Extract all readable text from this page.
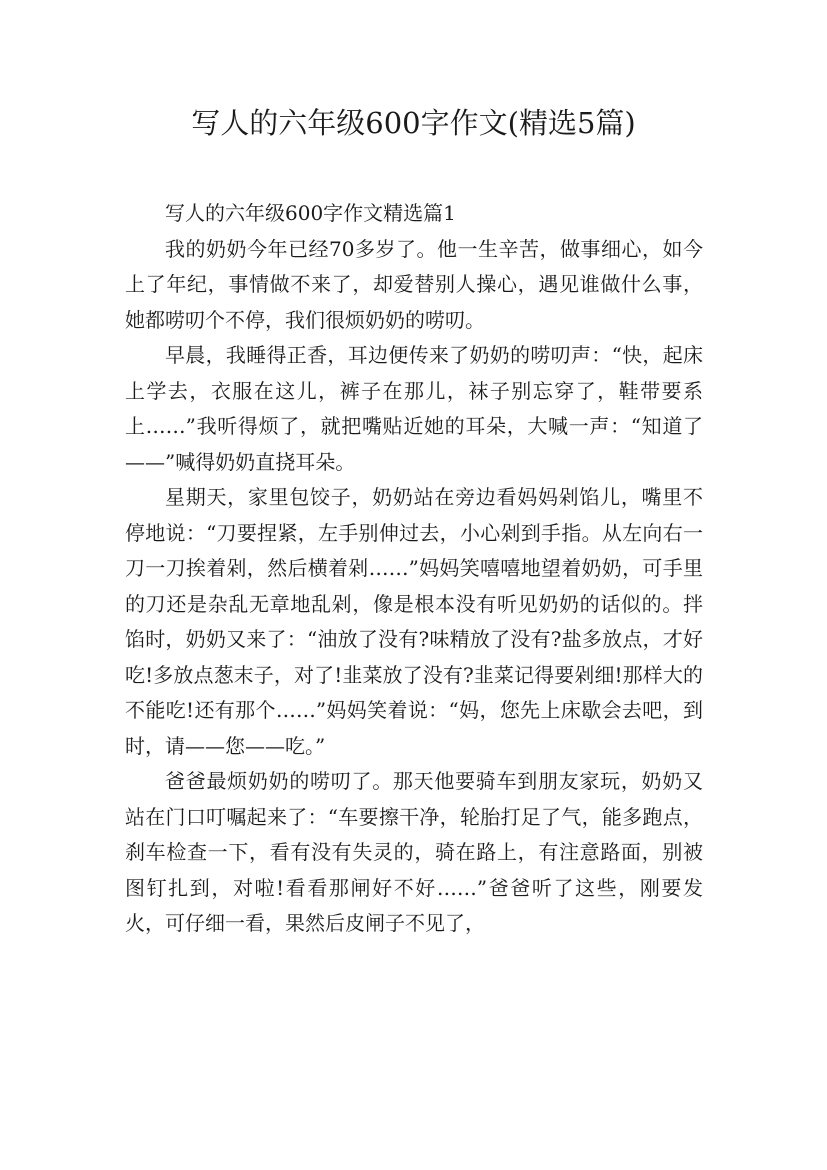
写人的六年级600字作文(精选5篇)

写人的六年级600字作文精选篇1

我的奶奶今年已经70多岁了。他一生辛苦，做事细心，如今上了年纪，事情做不来了，却爱替别人操心，遇见谁做什么事，她都唠叨个不停，我们很烦奶奶的唠叨。

早晨，我睡得正香，耳边便传来了奶奶的唠叨声：“快，起床上学去，衣服在这儿，裤子在那儿，袜子别忘穿了，鞋带要系上……”我听得烦了，就把嘴贴近她的耳朵，大喊一声：“知道了——”喊得奶奶直挠耳朵。

星期天，家里包饺子，奶奶站在旁边看妈妈剁馅儿，嘴里不停地说：“刀要捏紧，左手别伸过去，小心剁到手指。从左向右一刀一刀挨着剁，然后横着剁……”妈妈笑嘻嘻地望着奶奶，可手里的刀还是杂乱无章地乱剁，像是根本没有听见奶奶的话似的。拌馅时，奶奶又来了：“油放了没有?味精放了没有?盐多放点，才好吃!多放点葱末子，对了!韭菜放了没有?韭菜记得要剁细!那样大的不能吃!还有那个……”妈妈笑着说：“妈，您先上床歇会去吧，到时，请——您——吃。”

爸爸最烦奶奶的唠叨了。那天他要骑车到朋友家玩，奶奶又站在门口叮嘱起来了：“车要擦干净，轮胎打足了气，能多跑点，刹车检查一下，看有没有失灵的，骑在路上，有注意路面，别被图钉扎到，对啦!看看那闸好不好……”爸爸听了这些，刚要发火，可仔细一看，果然后皮闸子不见了，
